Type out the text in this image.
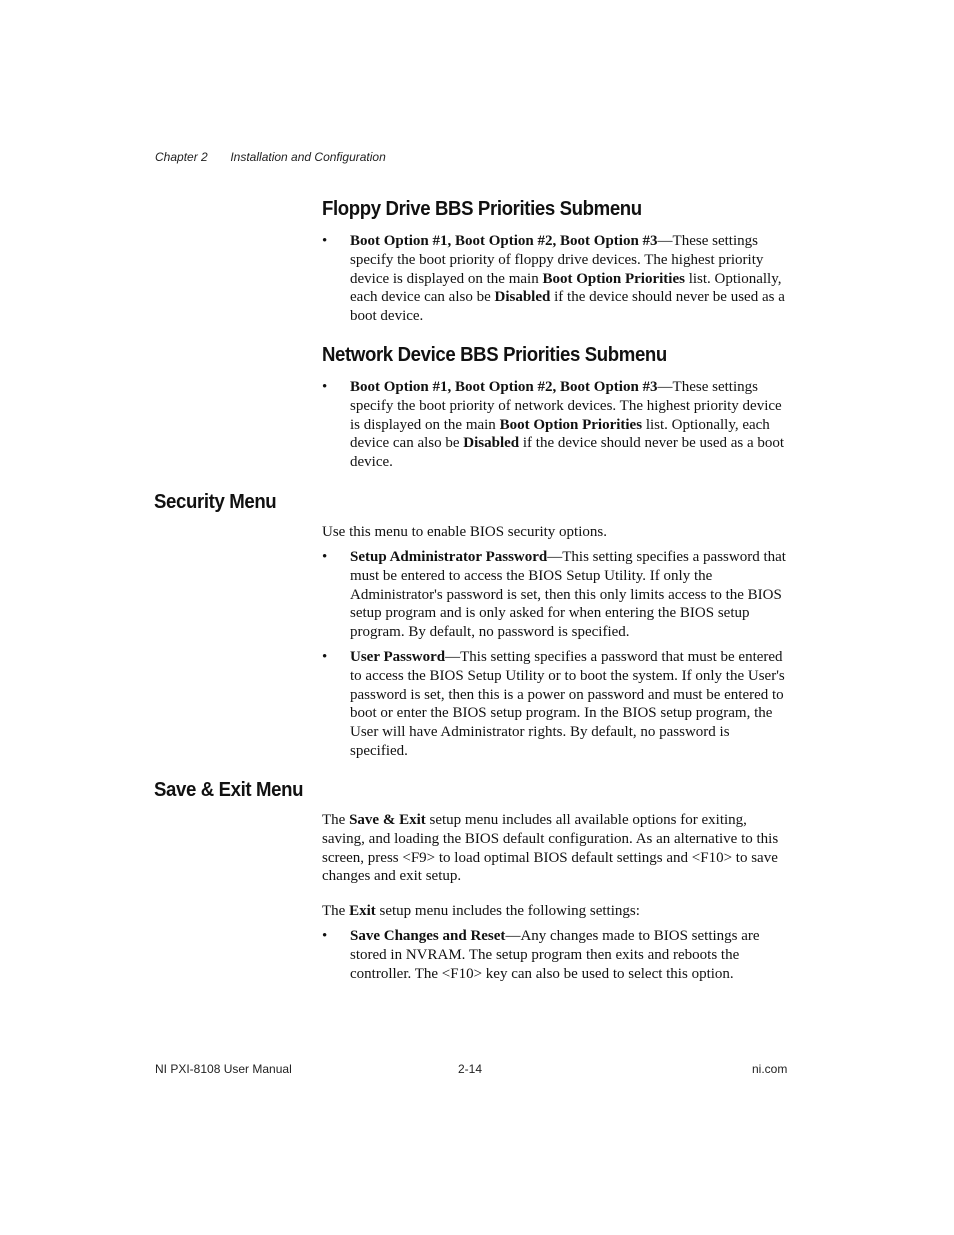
Chapter 2 Installation and Configuration
Floppy Drive BBS Priorities Submenu
• Boot Option #1, Boot Option #2, Boot Option #3—These settings specify the boot priority of floppy drive devices. The highest priority device is displayed on the main Boot Option Priorities list. Optionally, each device can also be Disabled if the device should never be used as a boot device.
Network Device BBS Priorities Submenu
• Boot Option #1, Boot Option #2, Boot Option #3—These settings specify the boot priority of network devices. The highest priority device is displayed on the main Boot Option Priorities list. Optionally, each device can also be Disabled if the device should never be used as a boot device.
Security Menu

Use this menu to enable BIOS security options.

• Setup Administrator Password—This setting specifies a password that must be entered to access the BIOS Setup Utility. If only the Administrator's password is set, then this only limits access to the BIOS setup program and is only asked for when entering the BIOS setup program. By default, no password is specified.
• User Password—This setting specifies a password that must be entered to access the BIOS Setup Utility or to boot the system. If only the User's password is set, then this is a power on password and must be entered to boot or enter the BIOS setup program. In the BIOS setup program, the User will have Administrator rights. By default, no password is specified.
Save & Exit Menu

The Save & Exit setup menu includes all available options for exiting, saving, and loading the BIOS default configuration. As an alternative to this screen, press <F9> to load optimal BIOS default settings and <F10> to save changes and exit setup.

The Exit setup menu includes the following settings:

• Save Changes and Reset—Any changes made to BIOS settings are stored in NVRAM. The setup program then exits and reboots the controller. The <F10> key can also be used to select this option.
NI PXI-8108 User Manual	2-14	ni.com
